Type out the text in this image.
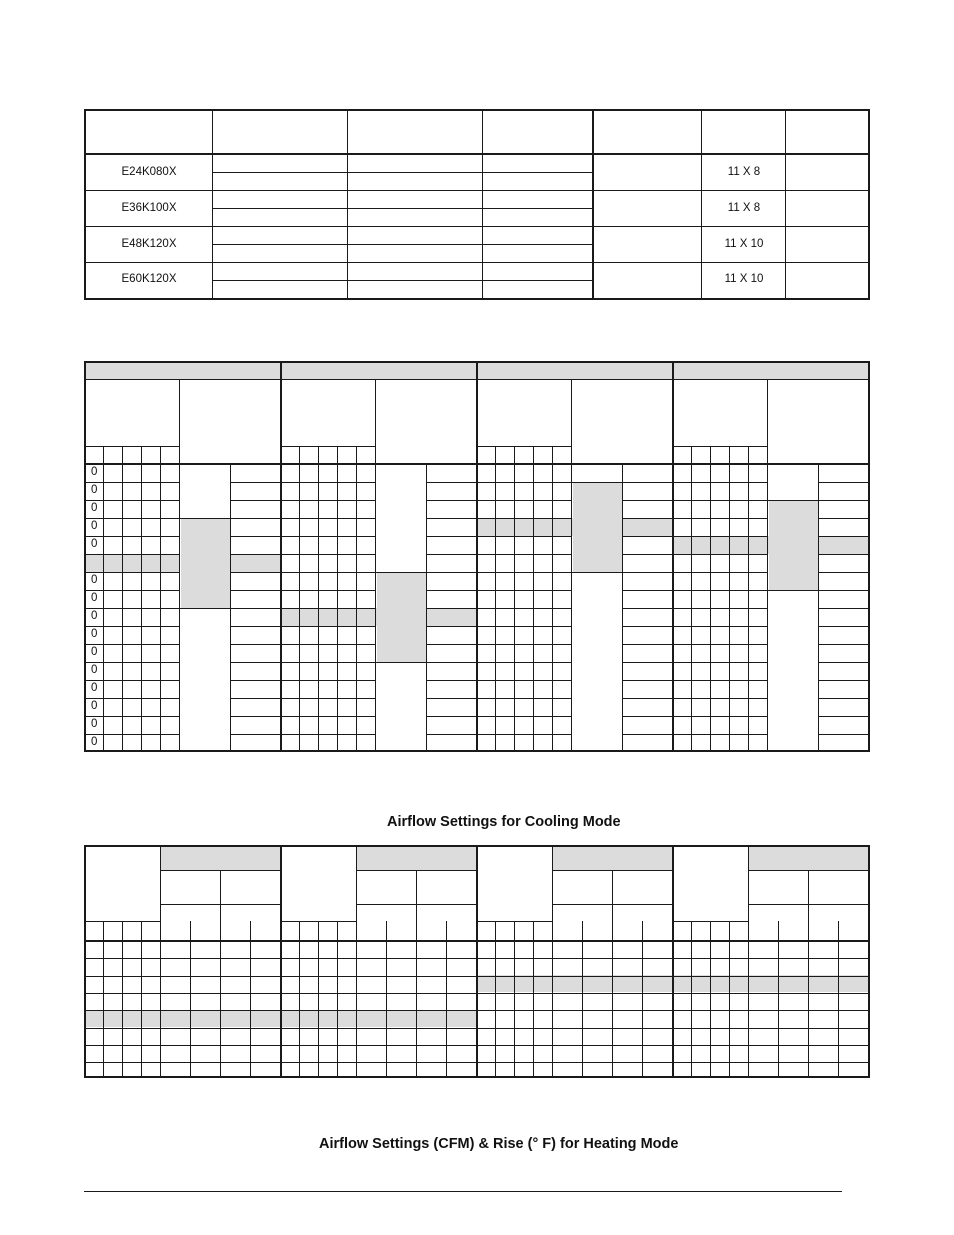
E24K080X
E36K100X
E48K120X
E60K120X
11 X 8
11 X 8
11 X 10
11 X 10
0
0
0
0
0
0
0
0
0
0
0
0
0
0
0
Airflow Settings for Cooling Mode
Airflow Settings (CFM) & Rise (° F) for Heating Mode
